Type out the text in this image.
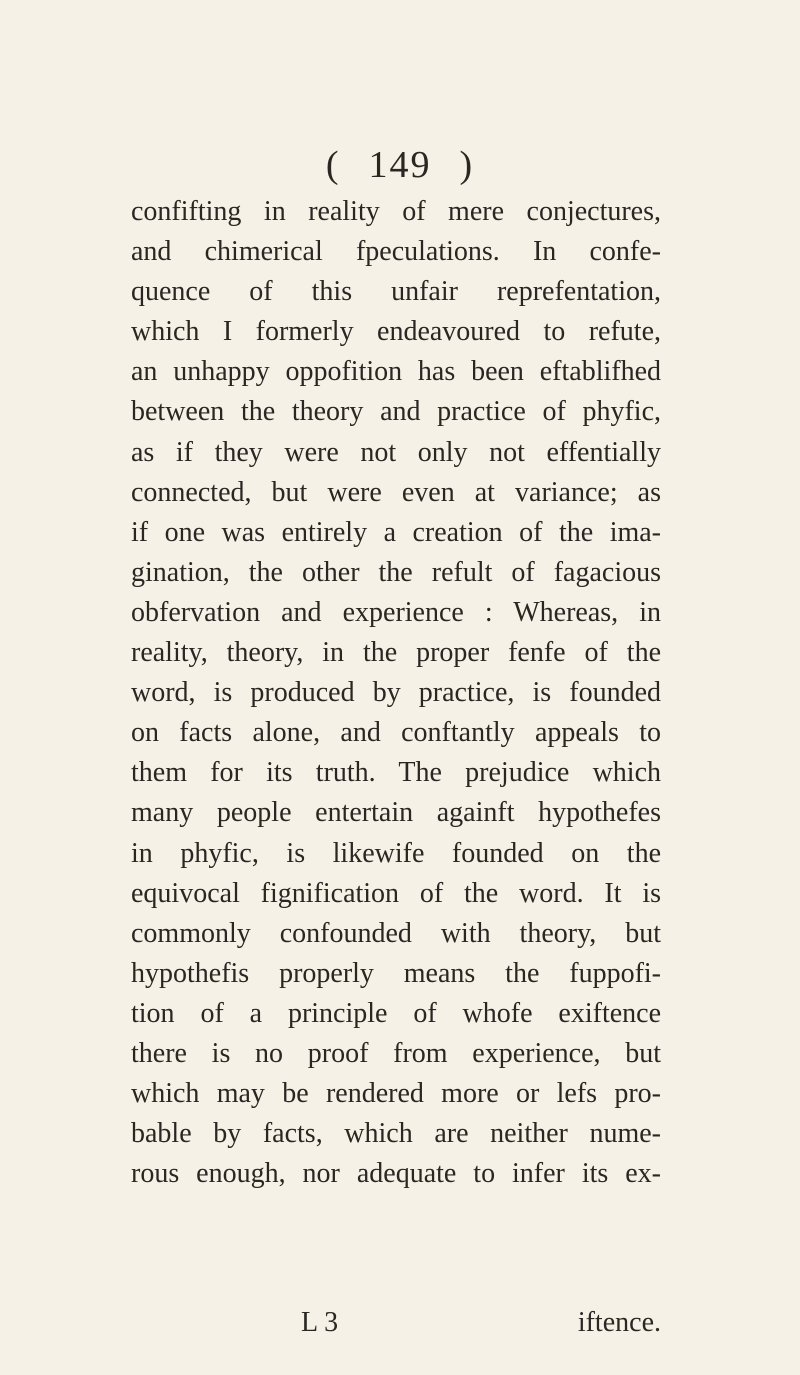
( 149 )
confifting in reality of mere conjectures,
and chimerical fpeculations. In confe-
quence of this unfair reprefentation,
which I formerly endeavoured to refute,
an unhappy oppofition has been eftablifhed
between the theory and practice of phyfic,
as if they were not only not effentially
connected, but were even at variance; as
if one was entirely a creation of the ima-
gination, the other the refult of fagacious
obfervation and experience : Whereas, in
reality, theory, in the proper fenfe of the
word, is produced by practice, is founded
on facts alone, and conftantly appeals to
them for its truth. The prejudice which
many people entertain againft hypothefes
in phyfic, is likewife founded on the
equivocal fignification of the word. It is
commonly confounded with theory, but
hypothefis properly means the fuppofi-
tion of a principle of whofe exiftence
there is no proof from experience, but
which may be rendered more or lefs pro-
bable by facts, which are neither nume-
rous enough, nor adequate to infer its ex-
L 3	iftence.
